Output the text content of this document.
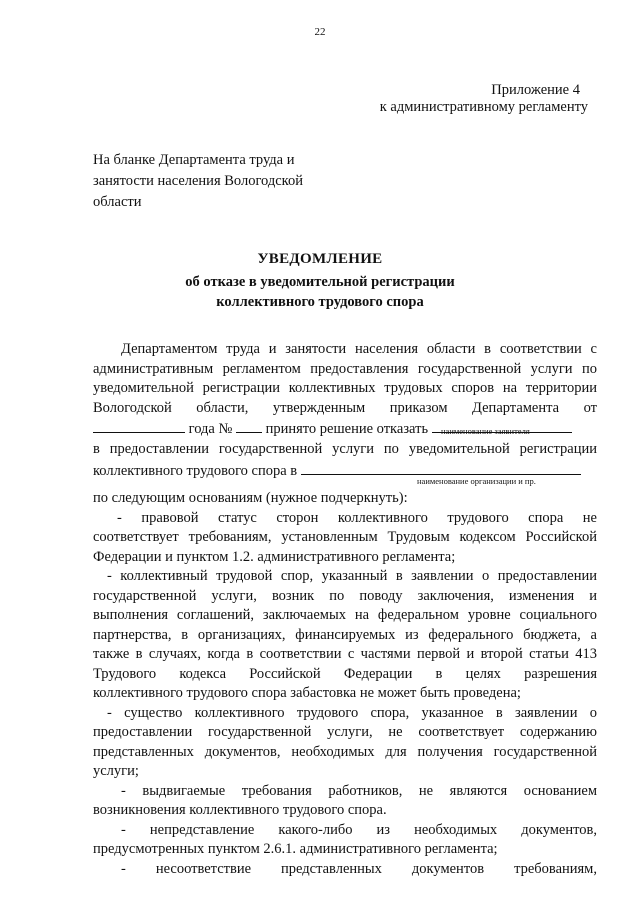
22
Приложение 4
к административному регламенту
На бланке Департамента труда и
занятости населения Вологодской
области
УВЕДОМЛЕНИЕ
об отказе в уведомительной регистрации
коллективного трудового спора
Департаментом труда и занятости населения области в соответствии с
административным регламентом предоставления государственной услуги по
уведомительной регистрации коллективных трудовых споров на территории
Вологодской области, утвержденным приказом Департамента от
года № принято решение отказать	наименование заявителя
в предоставлении государственной услуги по уведомительной регистрации
коллективного трудового спора в
наименование организации и пр.
по следующим основаниям (нужное подчеркнуть):
- правовой статус сторон коллективного трудового спора не
соответствует требованиям, установленным Трудовым кодексом Российской
Федерации и пунктом 1.2. административного регламента;
- коллективный трудовой спор, указанный в заявлении о предоставлении
государственной услуги, возник по поводу заключения, изменения и
выполнения соглашений, заключаемых на федеральном уровне социального
партнерства, в организациях, финансируемых из федерального бюджета, а
также в случаях, когда в соответствии с частями первой и второй статьи 413
Трудового кодекса Российской Федерации в целях разрешения
коллективного трудового спора забастовка не может быть проведена;
- существо коллективного трудового спора, указанное в заявлении о
предоставлении государственной услуги, не соответствует содержанию
представленных документов, необходимых для получения государственной
услуги;
- выдвигаемые требования работников, не являются основанием
возникновения коллективного трудового спора.
- непредставление какого-либо из необходимых документов,
предусмотренных пунктом 2.6.1. административного регламента;
- несоответствие представленных документов требованиям,
